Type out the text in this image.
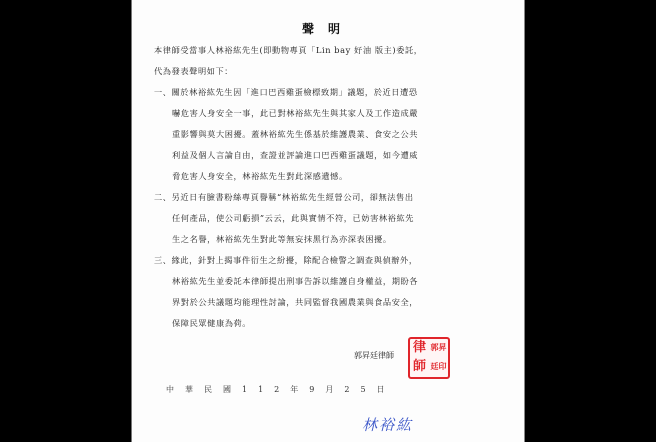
聲明
本律師受當事人林裕紘先生(即動物專頁「Lin bay 好油 版主)委託，
代為發表聲明如下：
一、關於林裕紘先生因「進口巴西雞蛋檢標致期」議題，於近日遭恐
嚇危害人身安全一事，此已對林裕紘先生與其家人及工作造成嚴
重影響與莫大困擾。蓋林裕紘先生係基於維護農業、食安之公共
利益及個人言論自由，查證並評論進口巴西雞蛋議題，如今遭威
脅危害人身安全，林裕紘先生對此深感遺憾。
二、另近日有臉書粉絲專頁譽稱“林裕紘先生經營公司，卻無法售出
任何產品，使公司虧損”云云，此與實情不符，已妨害林裕紘先
生之名譽，林裕紘先生對此等無妄抹黑行為亦深表困擾。
三、緣此，針對上揭事件衍生之紛擾，除配合檢警之調查與偵辦外，
林裕紘先生並委託本律師提出刑事告訴以維護自身權益，期盼各
界對於公共議題均能理性討論，共同監督我國農業與食品安全，
保障民眾健康為荷。
郭昇廷律師
律 郭昇
師 廷印
中華民國112年9月25日
林裕紘
